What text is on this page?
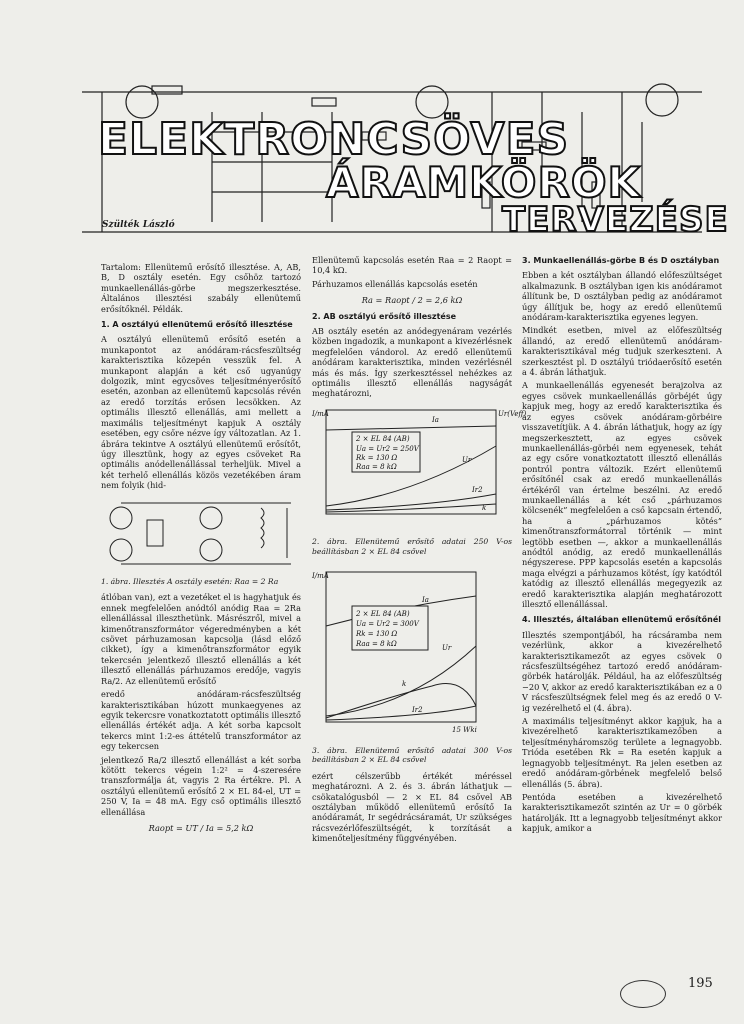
ELEKTRONCSÖVES
ÁRAMKÖRÖK
TERVEZÉSE
Szülték László

Tartalom: Ellenütemű erősítő illesztése. A, AB, B, D osztály esetén. Egy csőhöz tartozó munkaellenállás-görbe megszerkesztése. Általános illesztési szabály ellenütemű erősítőknél. Példák.

1. A osztályú ellenütemű erősítő illesztése

A osztályú ellenütemű erősítő esetén a munkapontot az anódáram-rácsfeszültség karakterisztika közepén vesszük fel. A munkapont alapján a két cső ugyanúgy dolgozik, mint egycsöves teljesítményerősítő esetén, azonban az ellenütemű kapcsolás révén az eredő torzítás erősen lecsökken. Az optimális illesztő ellenállás, ami mellett a maximális teljesítményt kapjuk A osztály esetében, egy csőre nézve így változatlan. Az 1. ábrára tekintve A osztályú ellenütemű erősítőt, úgy illesztünk, hogy az egyes csöveket Ra optimális anódellenállással terheljük. Mivel a két terhelő ellenállás közös vezetékében áram nem folyik (hid-

1. ábra. Illesztés A osztály esetén: Raa = 2 Ra

átlóban van), ezt a vezetéket el is hagyhatjuk és ennek megfelelően anódtól anódig Raa = 2Ra ellenállással illeszthetünk. Másrészről, mivel a kimenőtranszformátor végeredményben a két csövet párhuzamosan kapcsolja (lásd előző cikket), így a kimenőtranszformátor egyik tekercsén jelentkező illesztő ellenállás a két illesztő ellenállás párhuzamos eredője, vagyis Ra/2. Az ellenütemű erősítő

eredő anódáram-rácsfeszültség karakterisztikában húzott munkaegyenes az egyik tekercsre vonatkoztatott optimális illesztő ellenállás értékét adja. A két sorba kapcsolt tekercs mint 1:2-es áttételű transzformátor az egy tekercsen

jelentkező Ra/2 illesztő ellenállást a két sorba kötött tekercs végein 1:2² = 4-szeresére transzformálja át, vagyis 2 Ra értékre. Pl. A osztályú ellenütemű erősítő 2 × EL 84-el, UT = 250 V, Ia = 48 mA. Egy cső optimális illesztő ellenállása

Raopt = UT / Ia = 5,2 kΩ

Ellenütemű kapcsolás esetén Raa = 2 Raopt = 10,4 kΩ.

Párhuzamos ellenállás kapcsolás esetén

Ra = Raopt / 2 = 2,6 kΩ
2. AB osztályú erősítő illesztése

AB osztály esetén az anódegyenáram vezérlés közben ingadozik, a munkapont a kivezérlésnek megfelelően vándorol. Az eredő ellenütemű anódáram karakterisztika, minden vezérlésnél más és más. Így szerkesztéssel nehézkes az optimális illesztő ellenállás nagyságát meghatározni,

I/mA	Ur(Veff)
Ia
Ur
Ir2
k
2 × EL 84 (AB)
Ua = Ur2 = 250V
Rk = 130 Ω
Raa = 8 kΩ
2. ábra. Ellenütemű erősítő adatai 250 V-os beállításban 2 × EL 84 csővel
I/mA
Ia
Ur
Ir2
k
15 Wki
2 × EL 84 (AB)
Ua = Ur2 = 300V
Rk = 130 Ω
Raa = 8 kΩ
3. ábra. Ellenütemű erősítő adatai 300 V-os beállításban 2 × EL 84 csővel

ezért célszerűbb értékét méréssel meghatározni. A 2. és 3. ábrán láthatjuk — csökatalógusból — 2 × EL 84 csővel AB osztályban működő ellenütemű erősítő Ia anódáramát, Ir segédrácsáramát, Ur szükséges rácsvezérlőfeszültségét, k torzítását a kimenőteljesítmény függvényében.

3. Munkaellenállás-görbe B és D osztályban

Ebben a két osztályban állandó előfeszültséget alkalmazunk. B osztályban igen kis anódáramot állítunk be, D osztályban pedig az anódáramot úgy állítjuk be, hogy az eredő ellenütemű anódáram-karakterisztika egyenes legyen.

Mindkét esetben, mivel az előfeszültség állandó, az eredő ellenütemű anódáram-karakterisztikával még tudjuk szerkeszteni. A szerkesztést pl. D osztályú triódaerősítő esetén a 4. ábrán láthatjuk.

A munkaellenállás egyenesét berajzolva az egyes csövek munkaellenállás görbéjét úgy kapjuk meg, hogy az eredő karakterisztika és az egyes csövek anódáram-görbéire visszavetítjük. A 4. ábrán láthatjuk, hogy az így megszerkesztett, az egyes csövek munkaellenállás-görbéi nem egyenesek, tehát az egy csőre vonatkoztatott illesztő ellenállás pontról pontra változik. Ezért ellenütemű erősítőnél csak az eredő munkaellenállás értékéről van értelme beszélni. Az eredő munkaellenállás a két cső „párhuzamos kölcsenék” megfelelően a cső kapcsain értendő, ha a „párhuzamos kötés” kimenőtranszformátorral történik — mint legtöbb esetben —, akkor a munkaellenállás anódtól anódig, az eredő munkaellenállás négyszerese. PPP kapcsolás esetén a kapcsolás maga elvégzi a párhuzamos kötést, így katódtól katódig az illesztő ellenállás megegyezik az eredő karakterisztika alapján meghatározott illesztő ellenállással.

4. Illesztés, általában ellenütemű erősítőnél

Illesztés szempontjából, ha rácsáramba nem vezérlünk, akkor a kivezérelhető karakterisztikamezőt az egyes csövek 0 rácsfeszültségéhez tartozó eredő anódáram-görbék határolják. Például, ha az előfeszültség −20 V, akkor az eredő karakterisztikában ez a 0 V rácsfeszültségnek felel meg és az eredő 0 V-ig vezérelhető el (4. ábra).

A maximális teljesítményt akkor kapjuk, ha a kivezérelhető karakterisztikamezőben a teljesítményháromszög területe a legnagyobb. Trióda esetében Rk = Ra esetén kapjuk a legnagyobb teljesítményt. Ra jelen esetben az eredő anódáram-görbének megfelelő belső ellenállás (5. ábra).

Pentóda esetében a kivezérelhető karakterisztikamezőt szintén az Ur = 0 görbék határolják. Itt a legnagyobb teljesítményt akkor kapjuk, amikor a

195
